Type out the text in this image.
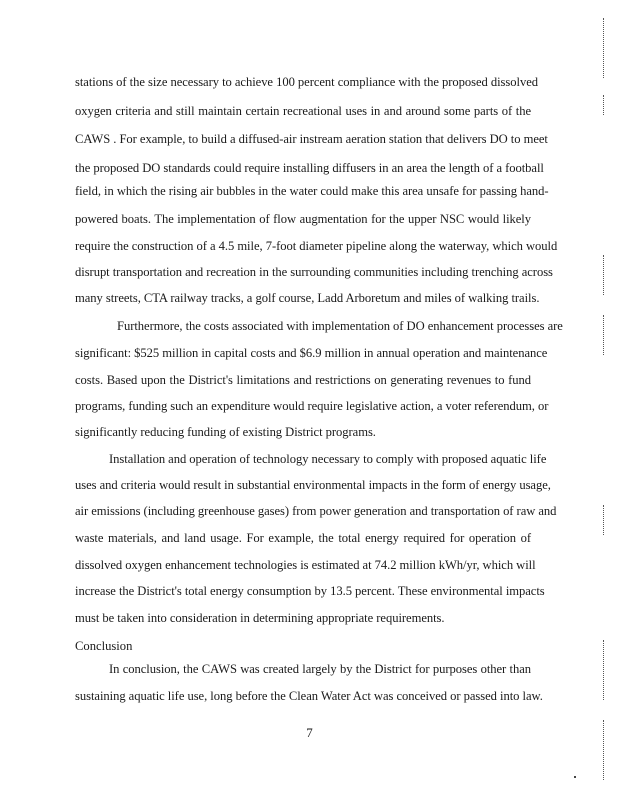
stations of the size necessary to achieve 100 percent compliance with the proposed dissolved
oxygen criteria and still maintain certain recreational uses in and around some parts of the
CAWS . For example, to build a diffused-air instream aeration station that delivers DO to meet
the proposed DO standards could require installing diffusers in an area the length of a football
field, in which the rising air bubbles in the water could make this area unsafe for passing hand-
powered boats. The implementation of flow augmentation for the upper NSC would likely
require the construction of a 4.5 mile, 7-foot diameter pipeline along the waterway, which would
disrupt transportation and recreation in the surrounding communities including trenching across
many streets, CTA railway tracks, a golf course, Ladd Arboretum and miles of walking trails.
Furthermore, the costs associated with implementation of DO enhancement processes are
significant: $525 million in capital costs and $6.9 million in annual operation and maintenance
costs. Based upon the District's limitations and restrictions on generating revenues to fund
programs, funding such an expenditure would require legislative action, a voter referendum, or
significantly reducing funding of existing District programs.
Installation and operation of technology necessary to comply with proposed aquatic life
uses and criteria would result in substantial environmental impacts in the form of energy usage,
air emissions (including greenhouse gases) from power generation and transportation of raw and
waste materials, and land usage. For example, the total energy required for operation of
dissolved oxygen enhancement technologies is estimated at 74.2 million kWh/yr, which will
increase the District's total energy consumption by 13.5 percent. These environmental impacts
must be taken into consideration in determining appropriate requirements.
Conclusion
In conclusion, the CAWS was created largely by the District for purposes other than
sustaining aquatic life use, long before the Clean Water Act was conceived or passed into law.
7
